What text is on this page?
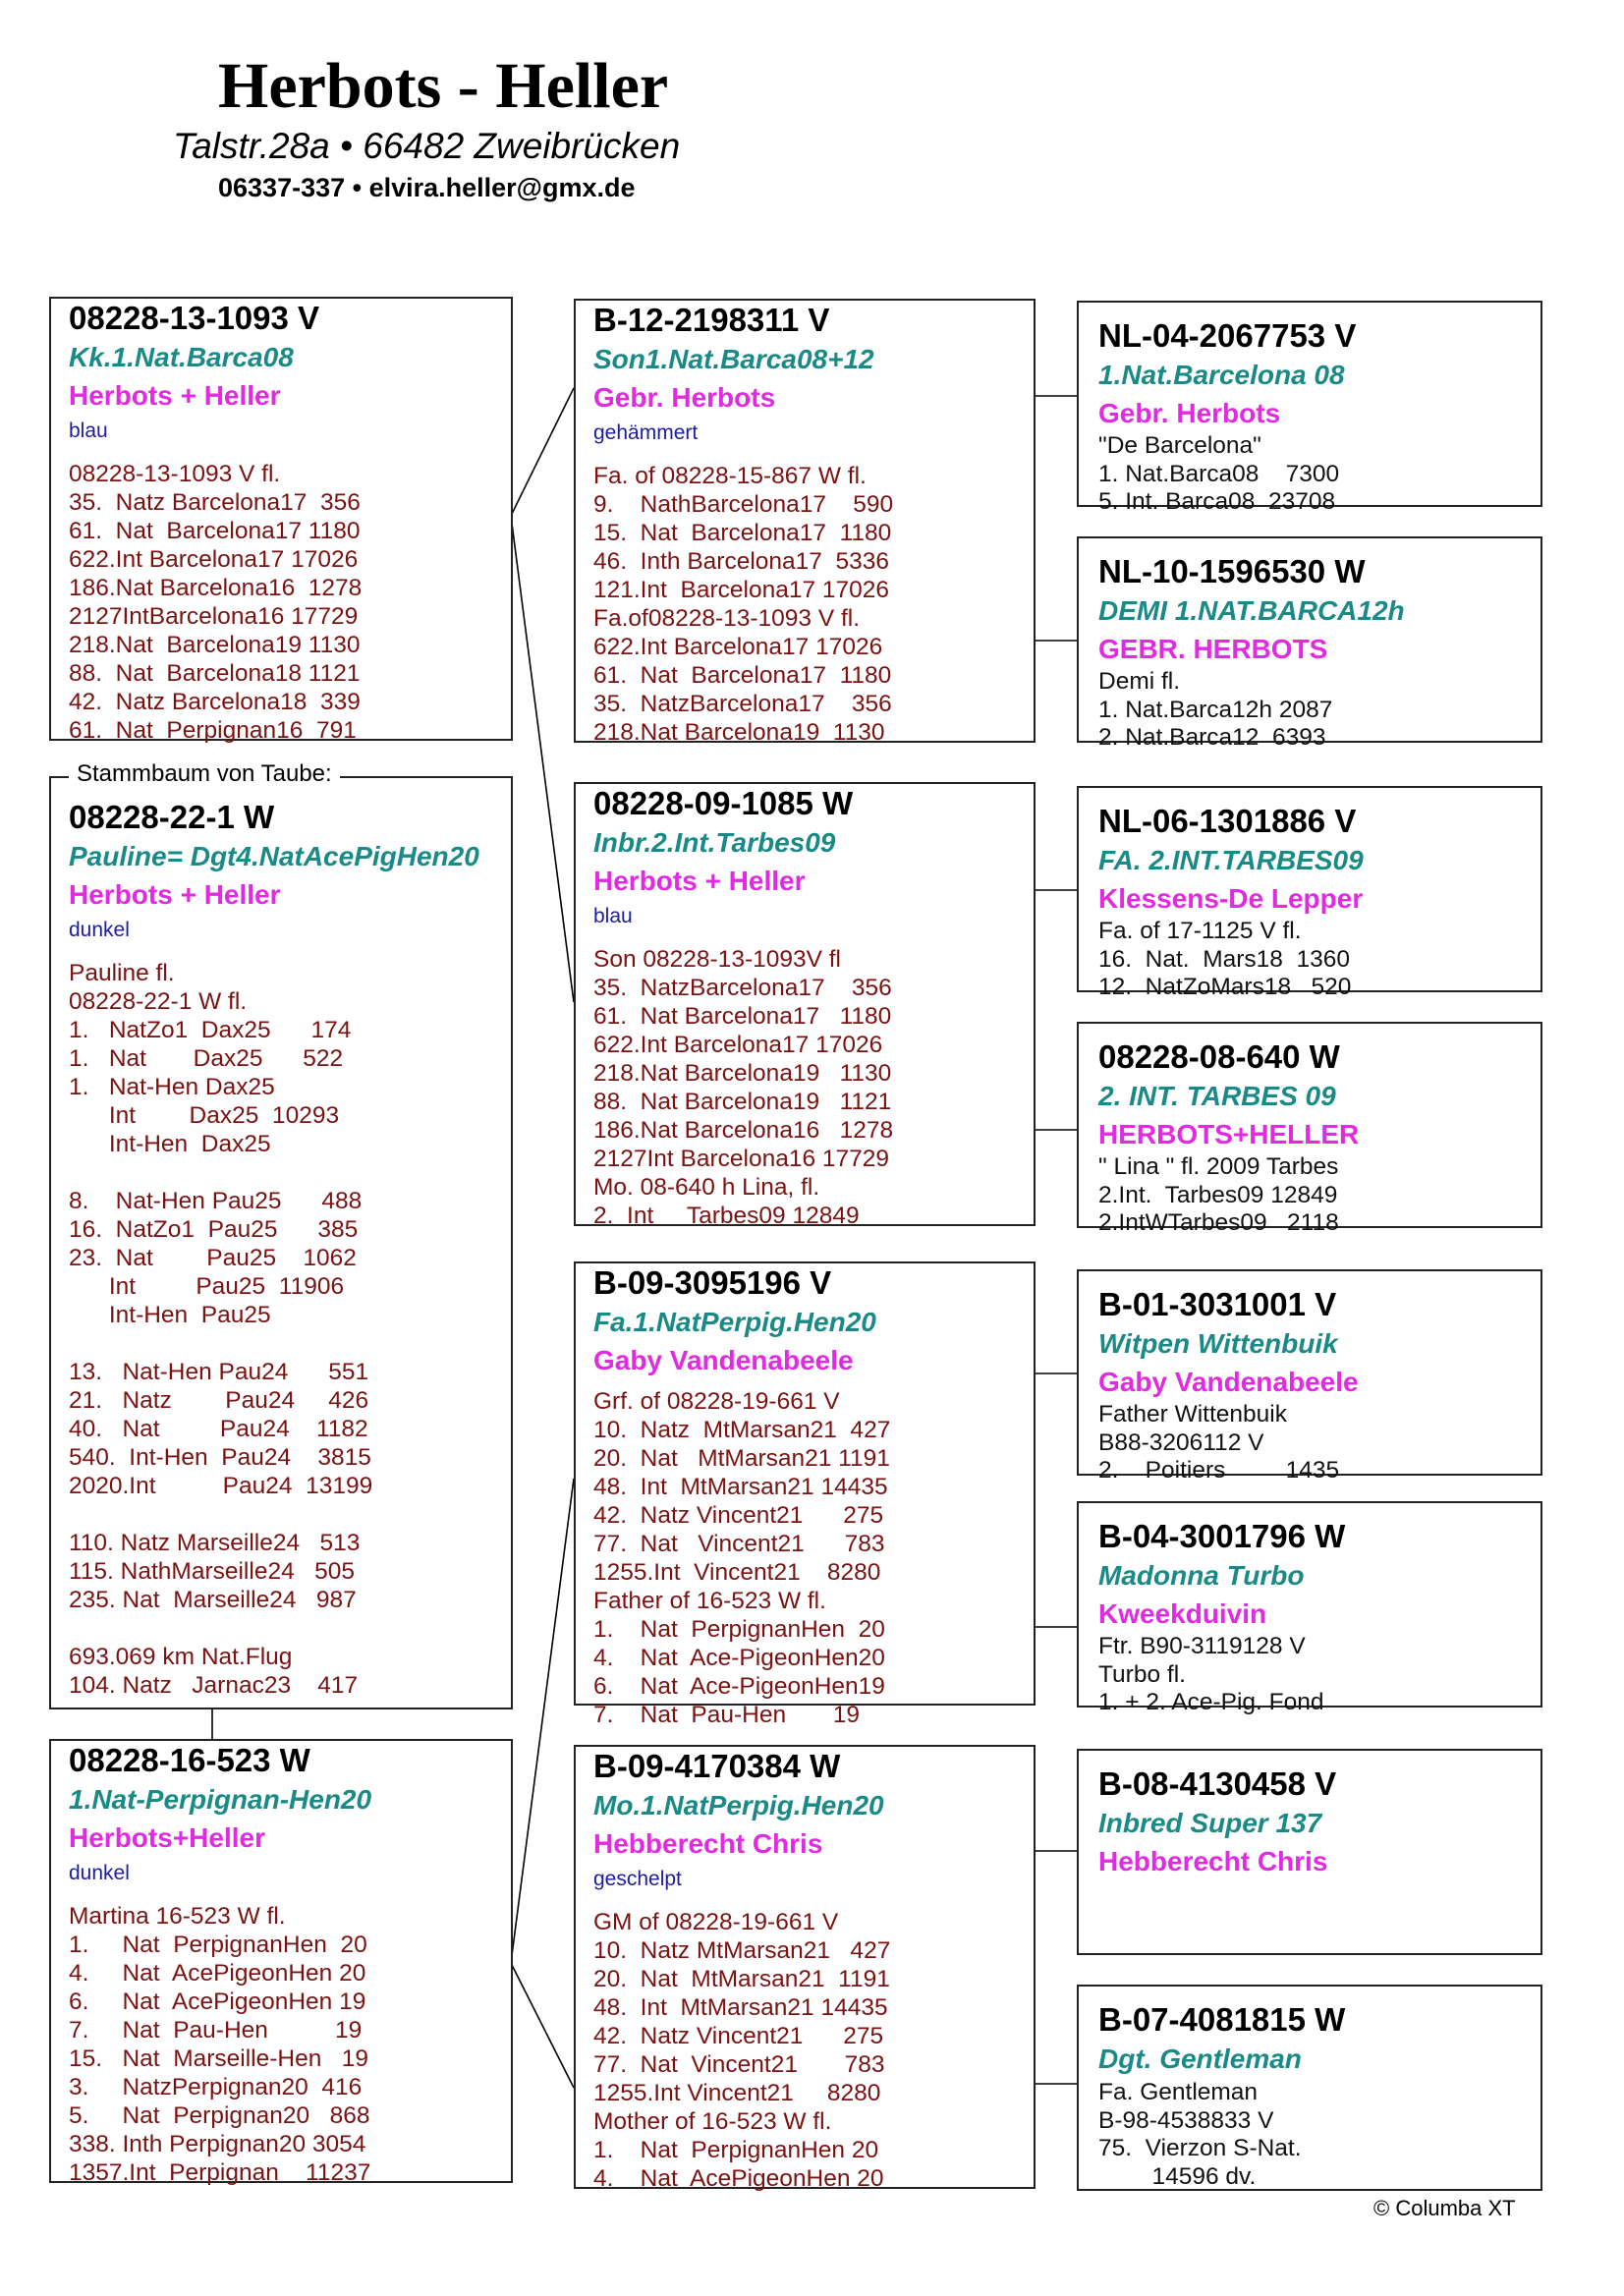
Herbots - Heller
Talstr.28a • 66482 Zweibrücken
06337-337 • elvira.heller@gmx.de
08228-13-1093 V
Kk.1.Nat.Barca08
Herbots + Heller
blau
08228-13-1093 V fl.
35.  Natz Barcelona17  356
61.  Nat  Barcelona17 1180
622.Int Barcelona17 17026
186.Nat Barcelona16  1278
2127IntBarcelona16 17729
218.Nat  Barcelona19 1130
88.  Nat  Barcelona18 1121
42.  Natz Barcelona18  339
61.  Nat  Perpignan16  791
08228-22-1 W
Pauline= Dgt4.NatAcePigHen20
Herbots + Heller
dunkel
Pauline fl.
08228-22-1 W fl.
1.   NatZo1  Dax25      174
1.   Nat       Dax25      522
1.   Nat-Hen Dax25
Int        Dax25  10293
Int-Hen  Dax25

8.    Nat-Hen Pau25      488
16.  NatZo1  Pau25      385
23.  Nat        Pau25    1062
Int         Pau25  11906
Int-Hen  Pau25

13.   Nat-Hen Pau24      551
21.   Natz        Pau24     426
40.   Nat         Pau24    1182
540.  Int-Hen  Pau24    3815
2020.Int          Pau24  13199

110. Natz Marseille24   513
115. NathMarseille24   505
235. Nat  Marseille24   987

693.069 km Nat.Flug
104. Natz   Jarnac23    417
Stammbaum von Taube:
08228-16-523 W
1.Nat-Perpignan-Hen20
Herbots+Heller
dunkel
Martina 16-523 W fl.
1.     Nat  PerpignanHen  20
4.     Nat  AcePigeonHen 20
6.     Nat  AcePigeonHen 19
7.     Nat  Pau-Hen          19
15.   Nat  Marseille-Hen   19
3.     NatzPerpignan20  416
5.     Nat  Perpignan20   868
338. Inth Perpignan20 3054
1357.Int  Perpignan    11237
B-12-2198311 V
Son1.Nat.Barca08+12
Gebr. Herbots
gehämmert
Fa. of 08228-15-867 W fl.
9.    NathBarcelona17    590
15.  Nat  Barcelona17  1180
46.  Inth Barcelona17  5336
121.Int  Barcelona17 17026
Fa.of08228-13-1093 V fl.
622.Int Barcelona17 17026
61.  Nat  Barcelona17  1180
35.  NatzBarcelona17    356
218.Nat Barcelona19  1130
08228-09-1085 W
Inbr.2.Int.Tarbes09
Herbots + Heller
blau
Son 08228-13-1093V fl
35.  NatzBarcelona17    356
61.  Nat Barcelona17   1180
622.Int Barcelona17 17026
218.Nat Barcelona19   1130
88.  Nat Barcelona19   1121
186.Nat Barcelona16   1278
2127Int Barcelona16 17729
Mo. 08-640 h Lina, fl.
2.  Int     Tarbes09 12849
B-09-3095196 V
Fa.1.NatPerpig.Hen20
Gaby Vandenabeele
Grf. of 08228-19-661 V
10.  Natz  MtMarsan21  427
20.  Nat   MtMarsan21 1191
48.  Int  MtMarsan21 14435
42.  Natz Vincent21      275
77.  Nat   Vincent21      783
1255.Int  Vincent21    8280
Father of 16-523 W fl.
1.    Nat  PerpignanHen  20
4.    Nat  Ace-PigeonHen20
6.    Nat  Ace-PigeonHen19
7.    Nat  Pau-Hen       19
B-09-4170384 W
Mo.1.NatPerpig.Hen20
Hebberecht Chris
geschelpt
GM of 08228-19-661 V
10.  Natz MtMarsan21   427
20.  Nat  MtMarsan21  1191
48.  Int  MtMarsan21 14435
42.  Natz Vincent21      275
77.  Nat  Vincent21       783
1255.Int Vincent21     8280
Mother of 16-523 W fl.
1.    Nat  PerpignanHen 20
4.    Nat  AcePigeonHen 20
NL-04-2067753 V
1.Nat.Barcelona 08
Gebr. Herbots
"De Barcelona"
1. Nat.Barca08    7300
5. Int. Barca08  23708
NL-10-1596530 W
DEMI 1.NAT.BARCA12h
GEBR. HERBOTS
Demi fl.
1. Nat.Barca12h 2087
2. Nat.Barca12  6393
NL-06-1301886 V
FA. 2.INT.TARBES09
Klessens-De Lepper
Fa. of 17-1125 V fl.
16.  Nat.  Mars18  1360
12.  NatZoMars18   520
08228-08-640 W
2. INT. TARBES 09
HERBOTS+HELLER
" Lina " fl. 2009 Tarbes
2.Int.  Tarbes09 12849
2.IntWTarbes09   2118
B-01-3031001 V
Witpen Wittenbuik
Gaby Vandenabeele
Father Wittenbuik
B88-3206112 V
2.    Poitiers         1435
B-04-3001796 W
Madonna Turbo
Kweekduivin
Ftr. B90-3119128 V
Turbo fl.
1. + 2. Ace-Pig. Fond
B-08-4130458 V
Inbred Super 137
Hebberecht Chris
B-07-4081815 W
Dgt. Gentleman
Fa. Gentleman
B-98-4538833 V
75.  Vierzon S-Nat.
14596 dv.
© Columba XT
